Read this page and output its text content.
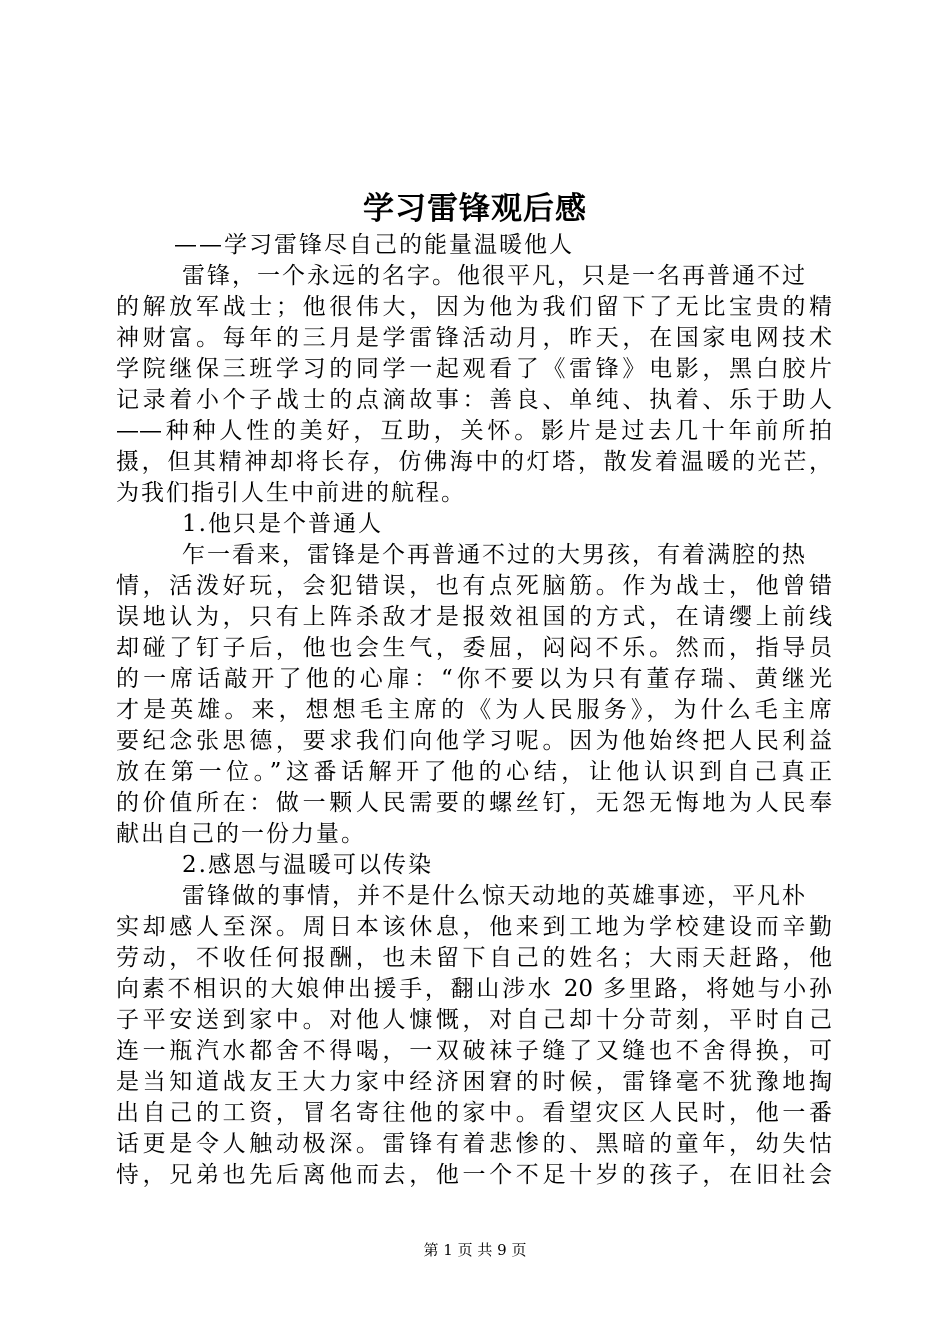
学习雷锋观后感
——学习雷锋尽自己的能量温暖他人
雷锋，一个永远的名字。他很平凡，只是一名再普通不过
的解放军战士；他很伟大，因为他为我们留下了无比宝贵的精
神财富。每年的三月是学雷锋活动月，昨天，在国家电网技术
学院继保三班学习的同学一起观看了《雷锋》电影，黑白胶片
记录着小个子战士的点滴故事：善良、单纯、执着、乐于助人
——种种人性的美好，互助，关怀。影片是过去几十年前所拍
摄，但其精神却将长存，仿佛海中的灯塔，散发着温暖的光芒，
为我们指引人生中前进的航程。
1.他只是个普通人
乍一看来，雷锋是个再普通不过的大男孩，有着满腔的热
情，活泼好玩，会犯错误，也有点死脑筋。作为战士，他曾错
误地认为，只有上阵杀敌才是报效祖国的方式，在请缨上前线
却碰了钉子后，他也会生气，委屈，闷闷不乐。然而，指导员
的一席话敲开了他的心扉：“你不要以为只有董存瑞、黄继光
才是英雄。来，想想毛主席的《为人民服务》，为什么毛主席
要纪念张思德，要求我们向他学习呢。因为他始终把人民利益
放在第一位。”这番话解开了他的心结，让他认识到自己真正
的价值所在：做一颗人民需要的螺丝钉，无怨无悔地为人民奉
献出自己的一份力量。
2.感恩与温暖可以传染
雷锋做的事情，并不是什么惊天动地的英雄事迹，平凡朴
实却感人至深。周日本该休息，他来到工地为学校建设而辛勤
劳动，不收任何报酬，也未留下自己的姓名；大雨天赶路，他
向素不相识的大娘伸出援手，翻山涉水 20 多里路，将她与小孙
子平安送到家中。对他人慷慨，对自己却十分苛刻，平时自己
连一瓶汽水都舍不得喝，一双破袜子缝了又缝也不舍得换，可
是当知道战友王大力家中经济困窘的时候，雷锋毫不犹豫地掏
出自己的工资，冒名寄往他的家中。看望灾区人民时，他一番
话更是令人触动极深。雷锋有着悲惨的、黑暗的童年，幼失怙
恃，兄弟也先后离他而去，他一个不足十岁的孩子，在旧社会
第 1 页 共 9 页
